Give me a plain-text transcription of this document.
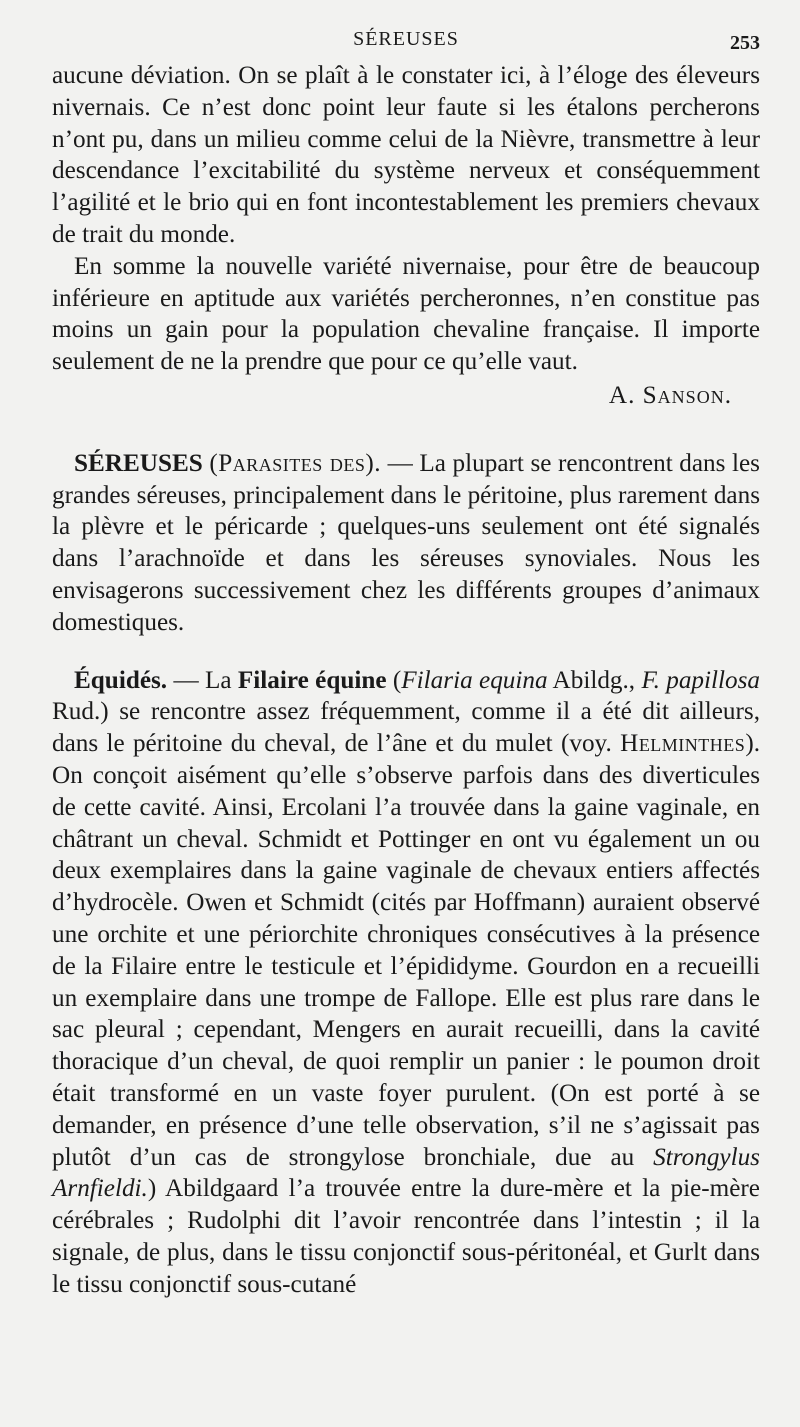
SÉREUSES	253

aucune déviation. On se plaît à le constater ici, à l’éloge des éleveurs nivernais. Ce n’est donc point leur faute si les étalons percherons n’ont pu, dans un milieu comme celui de la Nièvre, transmettre à leur descendance l’excitabilité du système nerveux et conséquemment l’agilité et le brio qui en font incontestablement les premiers chevaux de trait du monde.

En somme la nouvelle variété nivernaise, pour être de beaucoup inférieure en aptitude aux variétés percheronnes, n’en constitue pas moins un gain pour la population chevaline française. Il importe seulement de ne la prendre que pour ce qu’elle vaut.

A. Sanson.

SÉREUSES (Parasites des). — La plupart se rencontrent dans les grandes séreuses, principalement dans le péritoine, plus rarement dans la plèvre et le péricarde ; quelques-uns seulement ont été signalés dans l’arachnoïde et dans les séreuses synoviales. Nous les envisagerons successivement chez les différents groupes d’animaux domestiques.

Équidés. — La Filaire équine (Filaria equina Abildg., F. papillosa Rud.) se rencontre assez fréquemment, comme il a été dit ailleurs, dans le péritoine du cheval, de l’âne et du mulet (voy. Helminthes). On conçoit aisément qu’elle s’observe parfois dans des diverticules de cette cavité. Ainsi, Ercolani l’a trouvée dans la gaine vaginale, en châtrant un cheval. Schmidt et Pottinger en ont vu également un ou deux exemplaires dans la gaine vaginale de chevaux entiers affectés d’hydrocèle. Owen et Schmidt (cités par Hoffmann) auraient observé une orchite et une périorchite chroniques consécutives à la présence de la Filaire entre le testicule et l’épididyme. Gourdon en a recueilli un exemplaire dans une trompe de Fallope. Elle est plus rare dans le sac pleural ; cependant, Mengers en aurait recueilli, dans la cavité thoracique d’un cheval, de quoi remplir un panier : le poumon droit était transformé en un vaste foyer purulent. (On est porté à se demander, en présence d’une telle observation, s’il ne s’agissait pas plutôt d’un cas de strongylose bronchiale, due au Strongylus Arnfieldi.) Abildgaard l’a trouvée entre la dure-mère et la pie-mère cérébrales ; Rudolphi dit l’avoir rencontrée dans l’intestin ; il la signale, de plus, dans le tissu conjonctif sous-péritonéal, et Gurlt dans le tissu conjonctif sous-cutané
